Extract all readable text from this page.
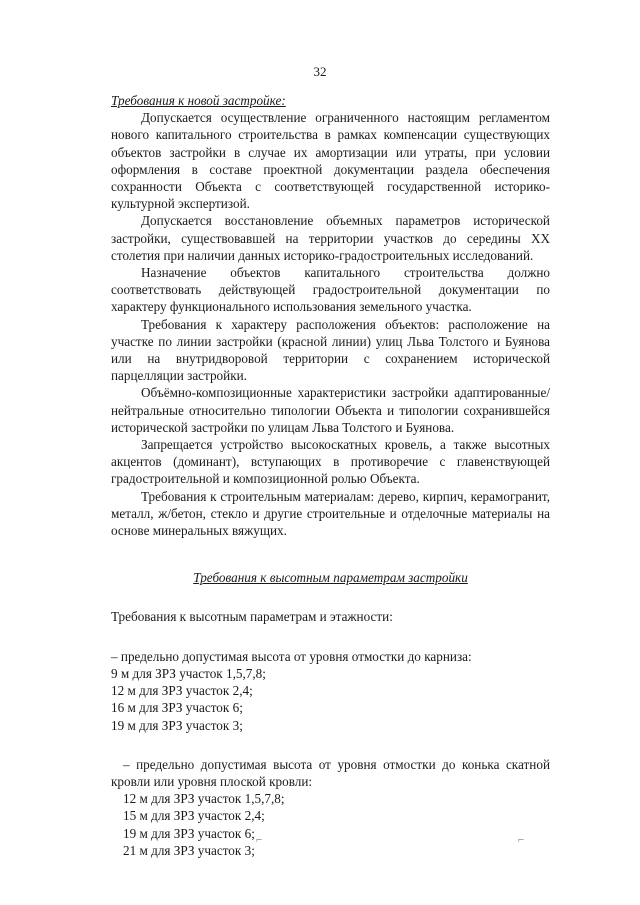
32

Требования к новой застройке:

Допускается осуществление ограниченного настоящим регламентом нового капитального строительства в рамках компенсации существующих объектов застройки в случае их амортизации или утраты, при условии оформления в составе проектной документации раздела обеспечения сохранности Объекта с соответствующей государственной историко-культурной экспертизой.

Допускается восстановление объемных параметров исторической застройки, существовавшей на территории участков до середины XX столетия при наличии данных историко-градостроительных исследований.

Назначение объектов капитального строительства должно соответствовать действующей градостроительной документации по характеру функционального использования земельного участка.

Требования к характеру расположения объектов: расположение на участке по линии застройки (красной линии) улиц Льва Толстого и Буянова или на внутридворовой территории с сохранением исторической парцелляции застройки.

Объёмно-композиционные характеристики застройки адаптированные/ нейтральные относительно типологии Объекта и типологии сохранившейся исторической застройки по улицам Льва Толстого и Буянова.

Запрещается устройство высокоскатных кровель, а также высотных акцентов (доминант), вступающих в противоречие с главенствующей градостроительной и композиционной ролью Объекта.

Требования к строительным материалам: дерево, кирпич, керамогранит, металл, ж/бетон, стекло и другие строительные и отделочные материалы на основе минеральных вяжущих.

Требования к высотным параметрам застройки

Требования к высотным параметрам и этажности:

– предельно допустимая высота от уровня отмостки до карниза:

9 м для ЗРЗ участок 1,5,7,8;
12 м для ЗРЗ участок 2,4;
16 м для ЗРЗ участок 6;
19 м для ЗРЗ участок 3;

– предельно допустимая высота от уровня отмостки до конька скатной кровли или уровня плоской кровли:

12 м для ЗРЗ участок 1,5,7,8;
15 м для ЗРЗ участок 2,4;
19 м для ЗРЗ участок 6;
21 м для ЗРЗ участок 3;
⌐	⌐
